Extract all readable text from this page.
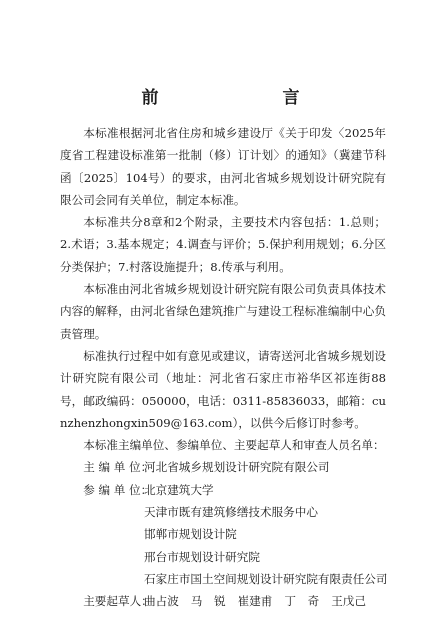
前　　言

本标准根据河北省住房和城乡建设厅《关于印发〈2025年度省工程建设标准第一批制（修）订计划〉的通知》（冀建节科函〔2025〕104号）的要求，由河北省城乡规划设计研究院有限公司会同有关单位，制定本标准。

本标准共分8章和2个附录，主要技术内容包括：1.总则；2.术语；3.基本规定；4.调查与评价；5.保护利用规划；6.分区分类保护；7.村落设施提升；8.传承与利用。

本标准由河北省城乡规划设计研究院有限公司负责具体技术内容的解释，由河北省绿色建筑推广与建设工程标准编制中心负责管理。

标准执行过程中如有意见或建议，请寄送河北省城乡规划设计研究院有限公司（地址：河北省石家庄市裕华区祁连街88号，邮政编码：050000，电话：0311-85836033，邮箱：cunzhenzhongxin509@163.com），以供今后修订时参考。

本标准主编单位、参编单位、主要起草人和审查人员名单：

主 编 单 位：
河北省城乡规划设计研究院有限公司
参 编 单 位：
北京建筑大学
天津市既有建筑修缮技术服务中心
邯郸市规划设计院
邢台市规划设计研究院
石家庄市国土空间规划设计研究院有限责任公司
主要起草人：
曲占波 马　锐 崔建甫 丁　奇 王戊己
